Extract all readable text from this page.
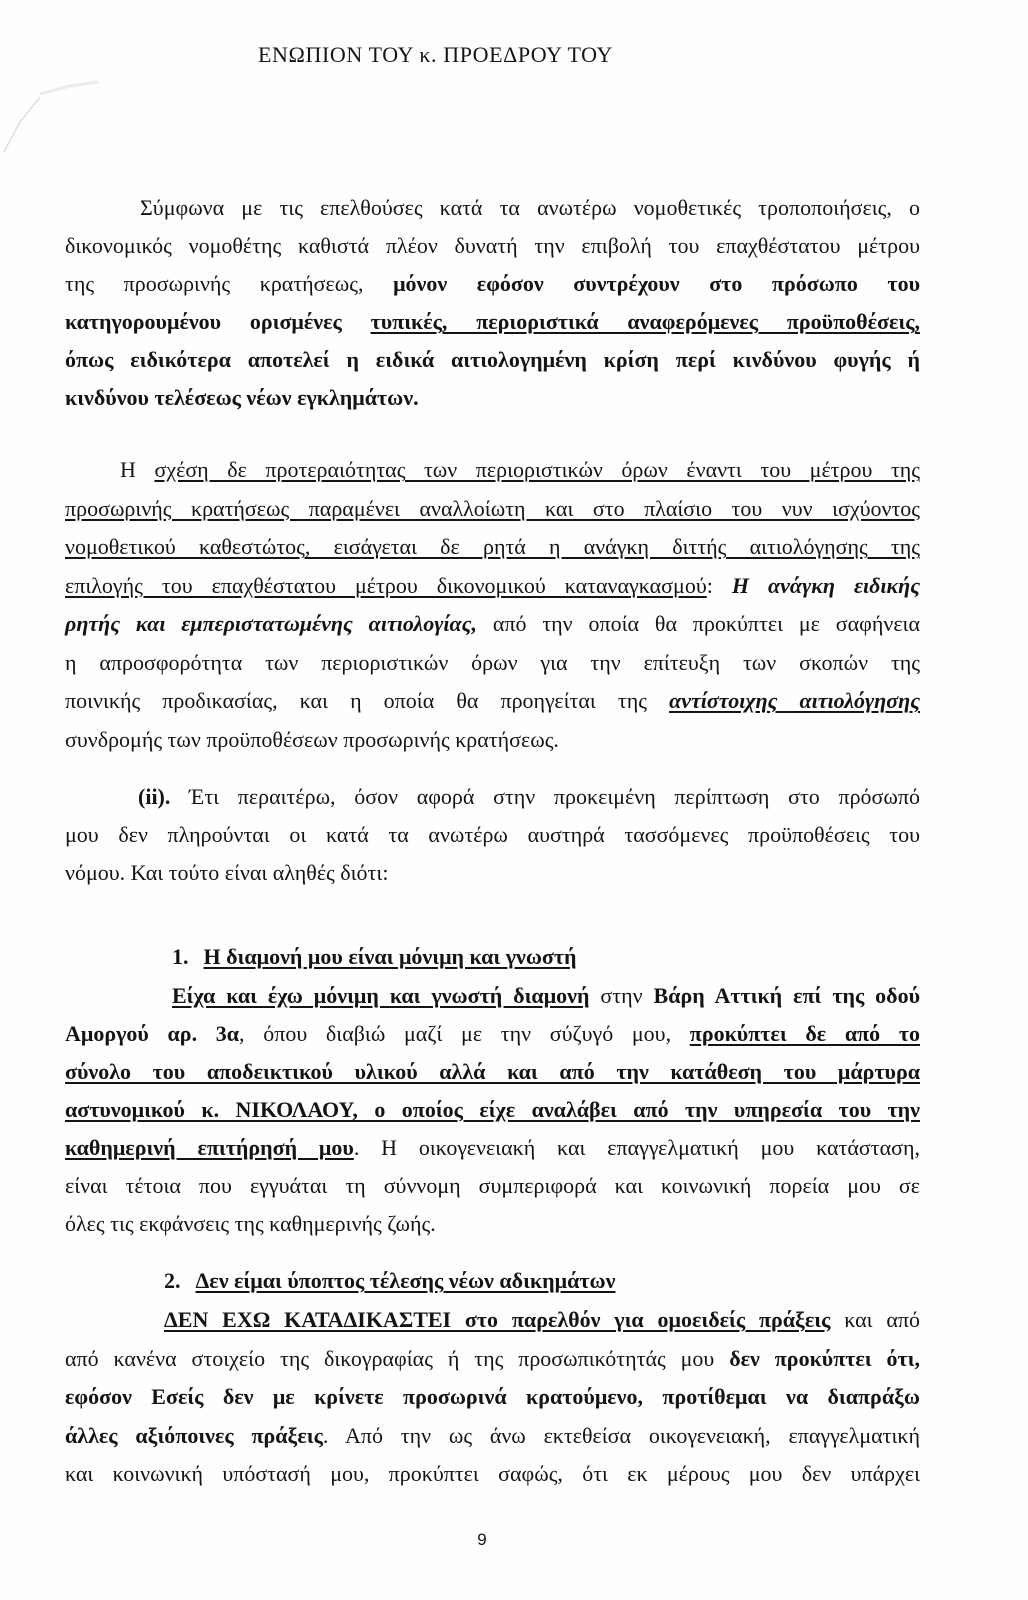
ΕΝΩΠΙΟΝ ΤΟΥ κ. ΠΡΟΕΔΡΟΥ ΤΟΥ
Σύμφωνα με τις επελθούσες κατά τα ανωτέρω νομοθετικές τροποποιήσεις, ο
δικονομικός νομοθέτης καθιστά πλέον δυνατή την επιβολή του επαχθέστατου μέτρου
της προσωρινής κρατήσεως, μόνον εφόσον συντρέχουν στο πρόσωπο του
κατηγορουμένου ορισμένες τυπικές, περιοριστικά αναφερόμενες προϋποθέσεις,
όπως ειδικότερα αποτελεί η ειδικά αιτιολογημένη κρίση περί κινδύνου φυγής ή
κινδύνου τελέσεως νέων εγκλημάτων.
Η σχέση δε προτεραιότητας των περιοριστικών όρων έναντι του μέτρου της
προσωρινής κρατήσεως παραμένει αναλλοίωτη και στο πλαίσιο του νυν ισχύοντος
νομοθετικού καθεστώτος, εισάγεται δε ρητά η ανάγκη διττής αιτιολόγησης της
επιλογής του επαχθέστατου μέτρου δικονομικού καταναγκασμού: Η ανάγκη ειδικής
ρητής και εμπεριστατωμένης αιτιολογίας, από την οποία θα προκύπτει με σαφήνεια
η απροσφορότητα των περιοριστικών όρων για την επίτευξη των σκοπών της
ποινικής προδικασίας, και η οποία θα προηγείται της αντίστοιχης αιτιολόγησης
συνδρομής των προϋποθέσεων προσωρινής κρατήσεως.
(ii). Έτι περαιτέρω, όσον αφορά στην προκειμένη περίπτωση στο πρόσωπό
μου δεν πληρούνται οι κατά τα ανωτέρω αυστηρά τασσόμενες προϋποθέσεις του
νόμου. Και τούτο είναι αληθές διότι:
1. Η διαμονή μου είναι μόνιμη και γνωστή
Είχα και έχω μόνιμη και γνωστή διαμονή στην Βάρη Αττική επί της οδού
Αμοργού αρ. 3α, όπου διαβιώ μαζί με την σύζυγό μου, προκύπτει δε από το
σύνολο του αποδεικτικού υλικού αλλά και από την κατάθεση του μάρτυρα
αστυνομικού κ. ΝΙΚΟΛΑΟΥ, ο οποίος είχε αναλάβει από την υπηρεσία του την
καθημερινή επιτήρησή μου. Η οικογενειακή και επαγγελματική μου κατάσταση,
είναι τέτοια που εγγυάται τη σύννομη συμπεριφορά και κοινωνική πορεία μου σε
όλες τις εκφάνσεις της καθημερινής ζωής.
2. Δεν είμαι ύποπτος τέλεσης νέων αδικημάτων
ΔΕΝ ΕΧΩ ΚΑΤΑΔΙΚΑΣΤΕΙ στο παρελθόν για ομοειδείς πράξεις και από
από κανένα στοιχείο της δικογραφίας ή της προσωπικότητάς μου δεν προκύπτει ότι,
εφόσον Εσείς δεν με κρίνετε προσωρινά κρατούμενο, προτίθεμαι να διαπράξω
άλλες αξιόποινες πράξεις. Από την ως άνω εκτεθείσα οικογενειακή, επαγγελματική
και κοινωνική υπόστασή μου, προκύπτει σαφώς, ότι εκ μέρους μου δεν υπάρχει
9
